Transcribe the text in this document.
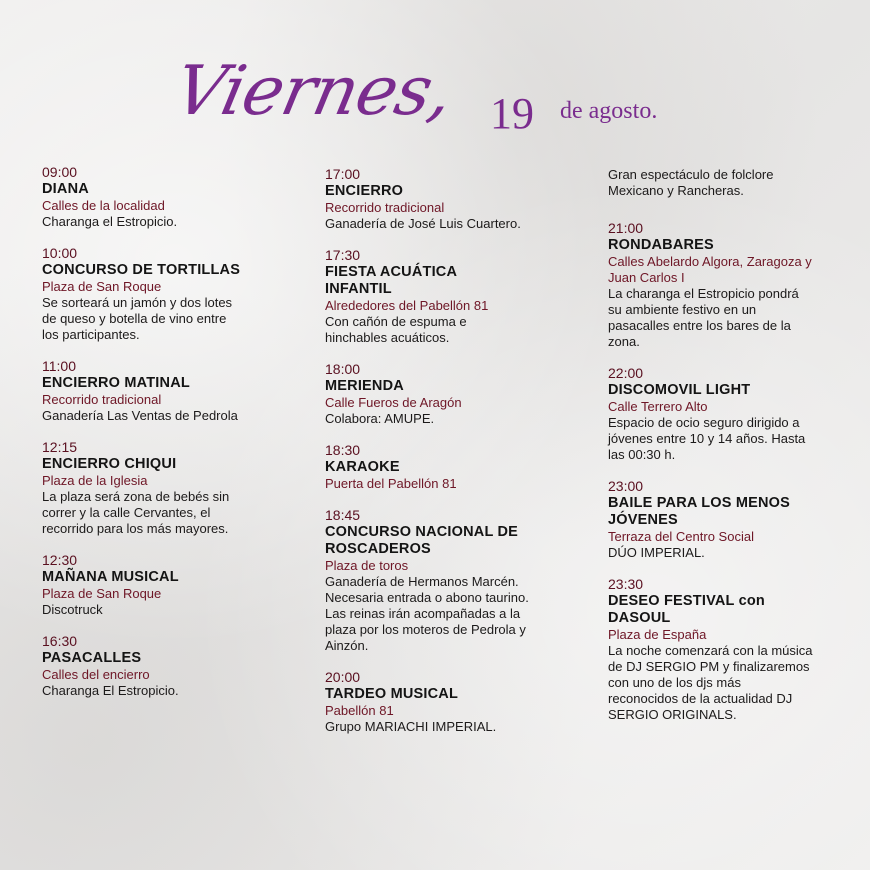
Viernes, 19 de agosto.
09:00
DIANA
Calles de la localidad
Charanga el Estropicio.
10:00
CONCURSO DE TORTILLAS
Plaza de San Roque
Se sorteará un jamón y dos lotes
de queso y botella de vino entre
los participantes.
11:00
ENCIERRO MATINAL
Recorrido tradicional
Ganadería Las Ventas de Pedrola
12:15
ENCIERRO CHIQUI
Plaza de la Iglesia
La plaza será zona de bebés sin
correr y la calle Cervantes, el
recorrido para los más mayores.
12:30
MAÑANA MUSICAL
Plaza de San Roque
Discotruck
16:30
PASACALLES
Calles del encierro
Charanga El Estropicio.
17:00
ENCIERRO
Recorrido tradicional
Ganadería de José Luis Cuartero.
17:30
FIESTA ACUÁTICA
INFANTIL
Alrededores del Pabellón 81
Con cañón de espuma e
hinchables acuáticos.
18:00
MERIENDA
Calle Fueros de Aragón
Colabora: AMUPE.
18:30
KARAOKE
Puerta del Pabellón 81
18:45
CONCURSO NACIONAL DE
ROSCADEROS
Plaza de toros
Ganadería de Hermanos Marcén.
Necesaria entrada o abono taurino.
Las reinas irán acompañadas a la
plaza por los moteros de Pedrola y
Ainzón.
20:00
TARDEO MUSICAL
Pabellón 81
Grupo MARIACHI IMPERIAL.
Gran espectáculo de folclore
Mexicano y Rancheras.
21:00
RONDABARES
Calles Abelardo Algora, Zaragoza y
Juan Carlos I
La charanga el Estropicio pondrá
su ambiente festivo en un
pasacalles entre los bares de la
zona.
22:00
DISCOMOVIL LIGHT
Calle Terrero Alto
Espacio de ocio seguro dirigido a
jóvenes entre 10 y 14 años. Hasta
las 00:30 h.
23:00
BAILE PARA LOS MENOS
JÓVENES
Terraza del Centro Social
DÚO IMPERIAL.
23:30
DESEO FESTIVAL con
DASOUL
Plaza de España
La noche comenzará con la música
de DJ SERGIO PM y finalizaremos
con uno de los djs más
reconocidos de la actualidad DJ
SERGIO ORIGINALS.
